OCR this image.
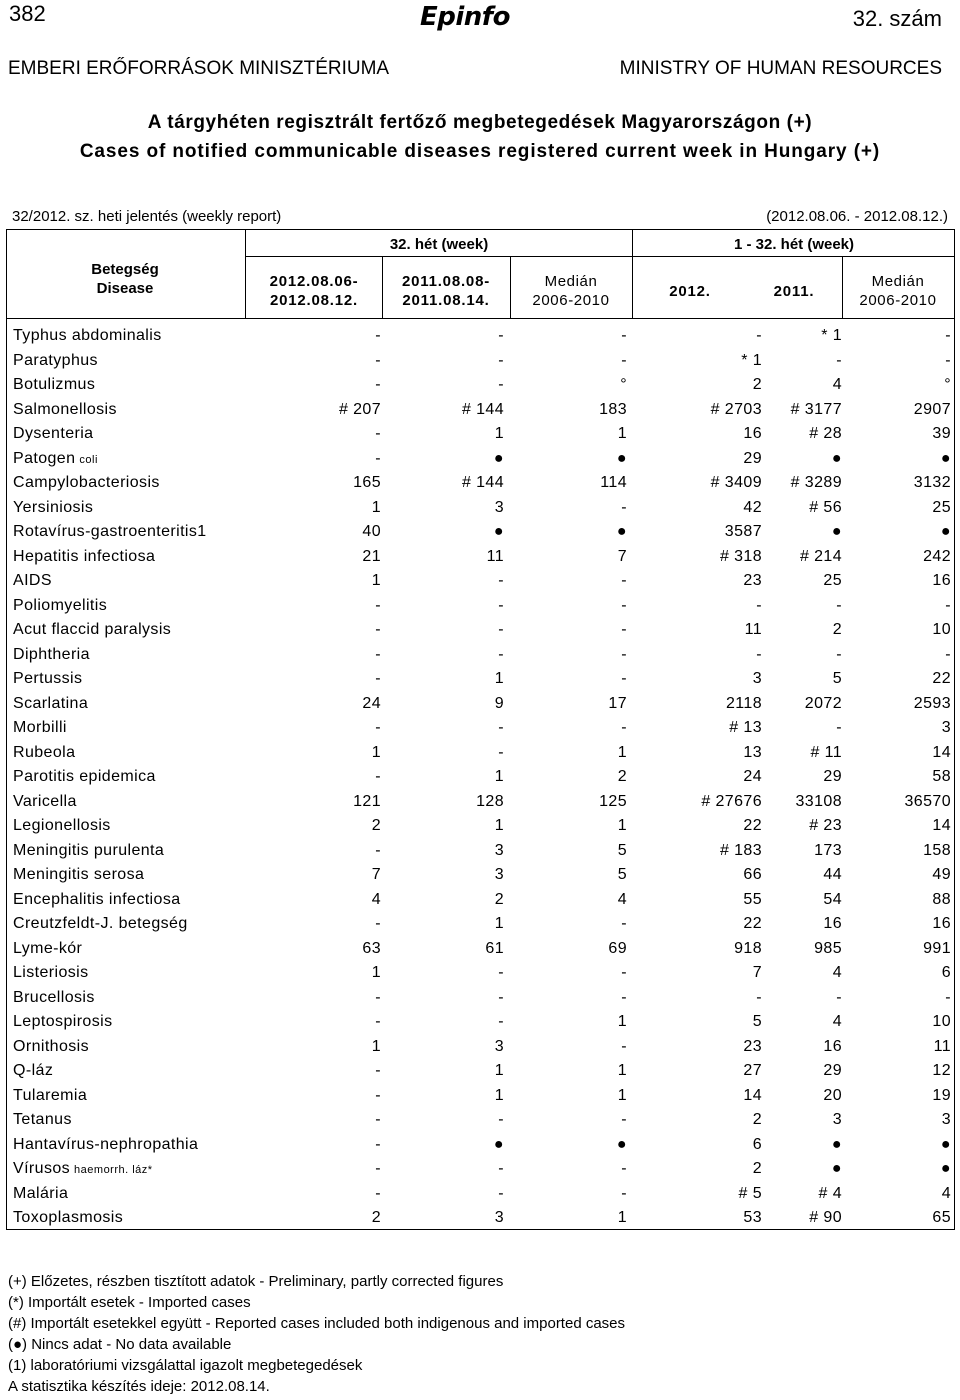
382	Epinfo	32. szám
EMBERI ERŐFORRÁSOK MINISZTÉRIUMA	MINISTRY OF HUMAN RESOURCES
A tárgyhéten regisztrált fertőző megbetegedések Magyarországon (+)
Cases of notified communicable diseases registered current week in Hungary (+)
32/2012. sz. heti jelentés (weekly report)	(2012.08.06. - 2012.08.12.)
Betegség
Disease
32. hét (week)	1 - 32. hét (week)
2012.08.06-
2012.08.12.
2011.08.08-
2011.08.14.
Medián
2006-2010
2012.	2011.
Medián
2006-2010
Typhus abdominalis	-	-	-	-	* 1	-
Paratyphus	-	-	-	* 1	-	-
Botulizmus	-	-	°	2	4	°
Salmonellosis	# 207	# 144	183	# 2703 # 3177	2907
Dysenteria	-	1	1	16	# 28	39
Patogen coli	-	●	●	29	●	●
Campylobacteriosis	165	# 144	114	# 3409 # 3289	3132
Yersiniosis	1	3	-	42	# 56	25
Rotavírus-gastroenteritis1	40	●	●	3587	●	●
Hepatitis infectiosa	21	11	7	# 318 # 214	242
AIDS	1	-	-	23	25	16
Poliomyelitis	-	-	-	-	-	-
Acut flaccid paralysis	-	-	-	11	2	10
Diphtheria	-	-	-	-	-	-
Pertussis	-	1	-	3	5	22
Scarlatina	24	9	17	2118	2072	2593
Morbilli	-	-	-	# 13	-	3
Rubeola	1	-	1	13	# 11	14
Parotitis epidemica	-	1	2	24	29	58
Varicella	121	128	125	# 27676 33108	36570
Legionellosis	2	1	1	22	# 23	14
Meningitis purulenta	-	3	5	# 183	173	158
Meningitis serosa	7	3	5	66	44	49
Encephalitis infectiosa	4	2	4	55	54	88
Creutzfeldt-J. betegség	-	1	-	22	16	16
Lyme-kór	63	61	69	918	985	991
Listeriosis	1	-	-	7	4	6
Brucellosis	-	-	-	-	-	-
Leptospirosis	-	-	1	5	4	10
Ornithosis	1	3	-	23	16	11
Q-láz	-	1	1	27	29	12
Tularemia	-	1	1	14	20	19
Tetanus	-	-	-	2	3	3
Hantavírus-nephropathia	-	●	●	6	●	●
Vírusos haemorrh. láz*	-	-	-	2	●	●
Malária	-	-	-	# 5	# 4	4
Toxoplasmosis	2	3	1	53	# 90	65
(+) Előzetes, részben tisztított adatok - Preliminary, partly corrected figures
(*) Importált esetek - Imported cases
(#) Importált esetekkel együtt - Reported cases included both indigenous and imported cases
(●) Nincs adat - No data available
(1) laboratóriumi vizsgálattal igazolt megbetegedések
A statisztika készítés ideje: 2012.08.14.
